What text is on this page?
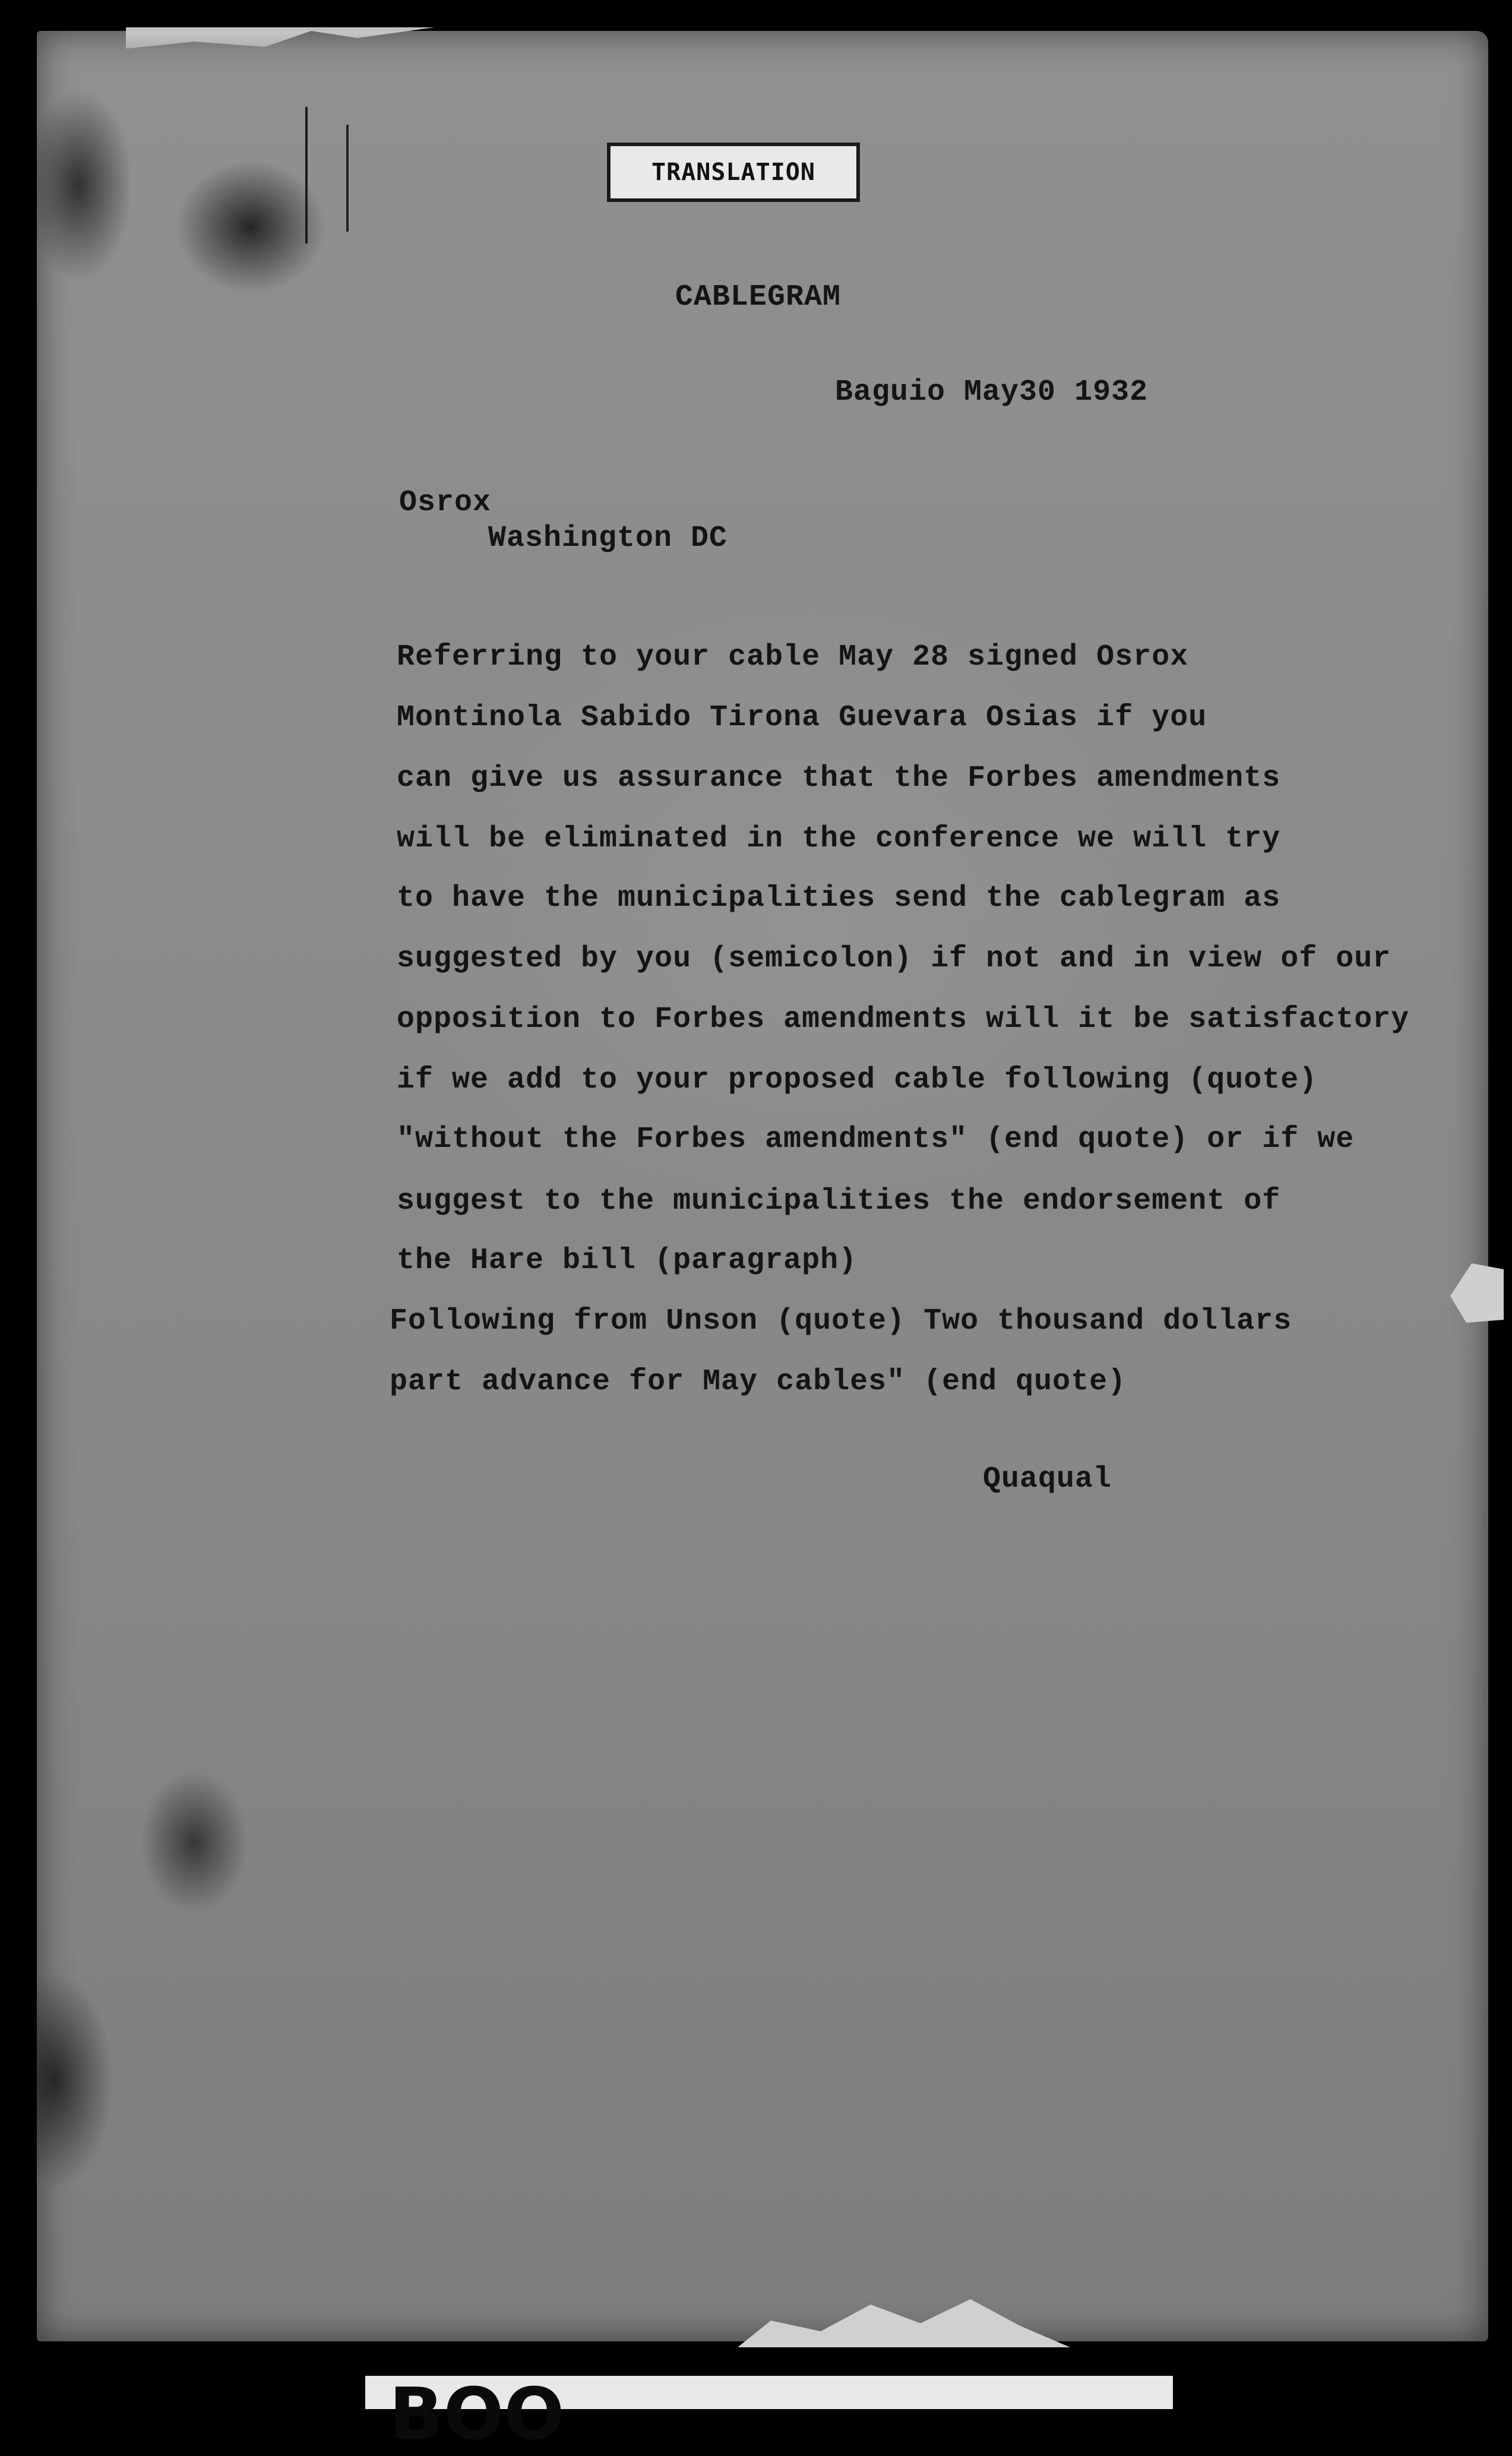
TRANSLATION
CABLEGRAM
Baguio May30 1932
Osrox
Washington DC
Referring to your cable May 28 signed Osrox
Montinola Sabido Tirona Guevara Osias if you
can give us assurance that the Forbes amendments
will be eliminated in the conference we will try
to have the municipalities send the cablegram as
suggested by you (semicolon) if not and in view of our
opposition to Forbes amendments will it be satisfactory
if we add to your proposed cable following (quote)
"without the Forbes amendments" (end quote) or if we
suggest to the municipalities the endorsement of
the Hare bill (paragraph)
Following from Unson (quote) Two thousand dollars
part advance for May cables" (end quote)
Quaqual
BOO
